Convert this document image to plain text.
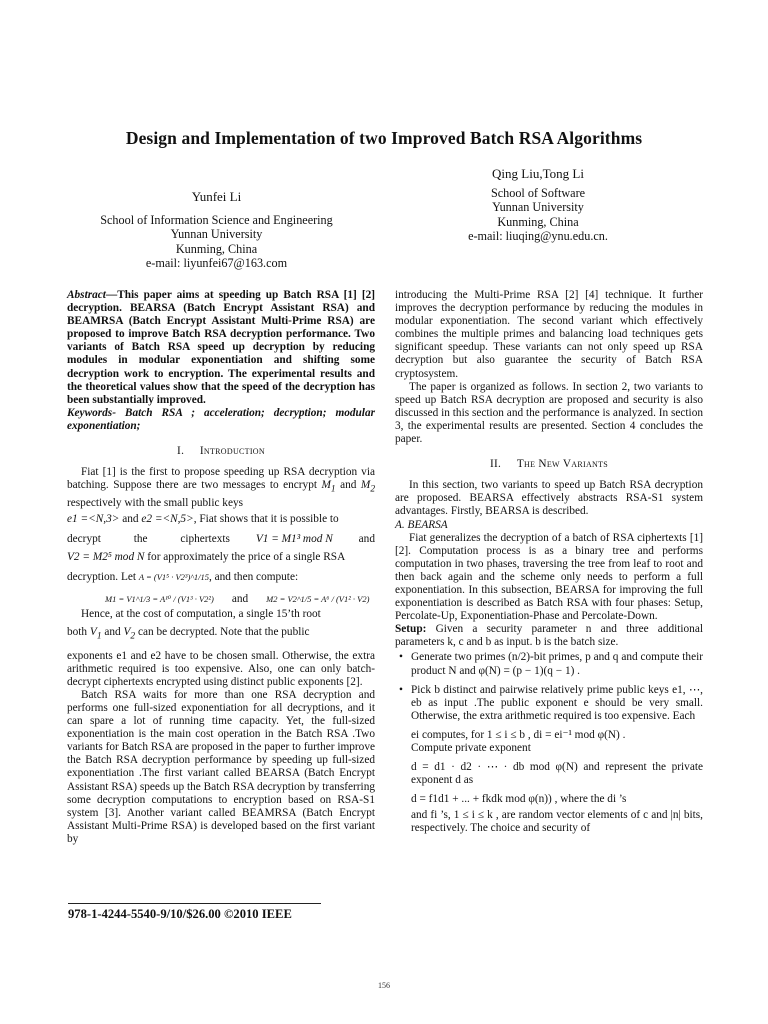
Design and Implementation of two Improved Batch RSA Algorithms
Yunfei Li
School of Information Science and Engineering
Yunnan University
Kunming, China
e-mail: liyunfei67@163.com
Qing Liu,Tong Li
School of Software
Yunnan University
Kunming, China
e-mail: liuqing@ynu.edu.cn.

Abstract—This paper aims at speeding up Batch RSA [1] [2] decryption. BEARSA (Batch Encrypt Assistant RSA) and BEAMRSA (Batch Encrypt Assistant Multi-Prime RSA) are proposed to improve Batch RSA decryption performance. Two variants of Batch RSA speed up decryption by reducing modules in modular exponentiation and shifting some decryption work to encryption. The experimental results and the theoretical values show that the speed of the decryption has been substantially improved.

Keywords- Batch RSA ; acceleration; decryption; modular exponentiation;

I. Introduction

Fiat [1] is the first to propose speeding up RSA decryption via batching. Suppose there are two messages to encrypt $M_1$ and $M_2$ respectively with the small public keys

e1 =<N,3> and e2 =<N,5>, Fiat shows that it is possible to

decrypt the ciphertexts V1 = M1³ mod N and

V2 = M2⁵ mod N for approximately the price of a single RSA

decryption. Let A = (V1⁵ · V2³)^1/15, and then compute:

M1 = V1^1/3 = A¹⁰ / (V1³ · V2²) and M2 = V2^1/5 = A⁶ / (V1² · V2)

Hence, at the cost of computation, a single 15’th root

both $V_1$ and $V_2$ can be decrypted. Note that the public

exponents e1 and e2 have to be chosen small. Otherwise, the extra arithmetic required is too expensive. Also, one can only batch-decrypt ciphertexts encrypted using distinct public exponents [2].

Batch RSA waits for more than one RSA decryption and performs one full-sized exponentiation for all decryptions, and it can spare a lot of running time capacity. Yet, the full-sized exponentiation is the main cost operation in the Batch RSA .Two variants for Batch RSA are proposed in the paper to further improve the Batch RSA decryption performance by speeding up full-sized exponentiation .The first variant called BEARSA (Batch Encrypt Assistant RSA) speeds up the Batch RSA decryption by transferring some decryption computations to encryption based on RSA-S1 system [3]. Another variant called BEAMRSA (Batch Encrypt Assistant Multi-Prime RSA) is developed based on the first variant by

introducing the Multi-Prime RSA [2] [4] technique. It further improves the decryption performance by reducing the modules in modular exponentiation. The second variant which effectively combines the multiple primes and balancing load techniques gets significant speedup. These variants can not only speed up RSA decryption but also guarantee the security of Batch RSA cryptosystem.

The paper is organized as follows. In section 2, two variants to speed up Batch RSA decryption are proposed and security is also discussed in this section and the performance is analyzed. In section 3, the experimental results are presented. Section 4 concludes the paper.

II. The New Variants

In this section, two variants to speed up Batch RSA decryption are proposed. BEARSA effectively abstracts RSA-S1 system advantages. Firstly, BEARSA is described.

A. BEARSA

Fiat generalizes the decryption of a batch of RSA ciphertexts [1] [2]. Computation process is as a binary tree and performs computation in two phases, traversing the tree from leaf to root and then back again and the scheme only needs to perform a full exponentiation. In this subsection, BEARSA for improving the full exponentiation is described as Batch RSA with four phases: Setup, Percolate-Up, Exponentiation-Phase and Percolate-Down.

Setup: Given a security parameter n and three additional parameters k, c and b as input. b is the batch size.

• Generate two primes (n/2)-bit primes, p and q and compute their product N and φ(N) = (p − 1)(q − 1) .

• Pick b distinct and pairwise relatively prime public keys e1, ⋯, eb as input .The public exponent e should be very small. Otherwise, the extra arithmetic required is too expensive. Each

ei computes, for 1 ≤ i ≤ b , di = ei⁻¹ mod φ(N) .

Compute private exponent

d = d1 · d2 · ⋯ · db mod φ(N) and represent the private exponent d as

d = f1d1 + ... + fkdk mod φ(n)) , where the di ’s

and fi ’s, 1 ≤ i ≤ k , are random vector elements of c and |n| bits, respectively. The choice and security of

978-1-4244-5540-9/10/$26.00 ©2010 IEEE
156
